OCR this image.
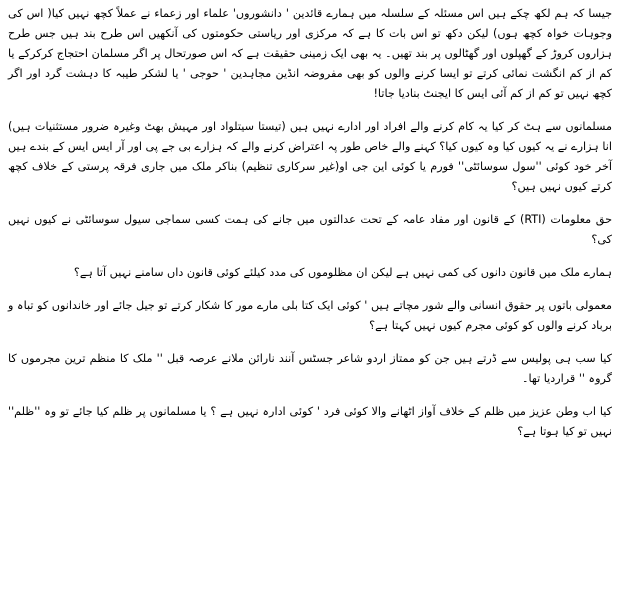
جیسا کہ ہم لکھ چکے ہیں اس مسئلہ کے سلسلہ میں ہمارے قائدین ' دانشوروں' علماء اور زعماء نے عملاً کچھ نہیں کیا( اس کی وجوہات خواہ کچھ ہوں) لیکن دکھ تو اس بات کا ہے کہ مرکزی اور ریاستی حکومتوں کی آنکھیں اس طرح بند ہیں جس طرح ہزاروں کروڑ کے گھپلوں اور گھٹالوں پر بند تھیں۔ یہ بھی ایک زمینی حقیقت ہے کہ اس صورتحال پر اگر مسلمان احتجاج کرکرکے یا کم از کم انگشت نمائی کرتے تو ایسا کرنے والوں کو بھی مفروضہ انڈین مجاہدین ' حوجی ' یا لشکر طیبہ کا دہشت گرد اور اگر کچھ نہیں تو کم از کم آئی ایس کا ایجنٹ بنادیا جاتا!

مسلمانوں سے ہٹ کر کیا یہ کام کرنے والے افراد اور ادارے نہیں ہیں (تیستا سیتلواد اور مہیش بھٹ وغیرہ ضرور مستثنیات ہیں) انا ہزارے نے یہ کیوں کیا وہ کیوں کیا؟ کہنے والے خاص طور پہ اعتراض کرنے والے کہ ہزارے بی جے پی اور آر ایس ایس کے بندے ہیں آخر خود کوئی ''سول سوسائٹی'' فورم یا کوئی این جی او(غیر سرکاری تنظیم) بناکر ملک میں جاری فرقہ پرستی کے خلاف کچھ کرتے کیوں نہیں ہیں؟

حق معلومات (RTI) کے قانون اور مفاد عامہ کے تحت عدالتوں میں جانے کی ہمت کسی سماجی سیول سوسائٹی نے کیوں نہیں کی؟

ہمارے ملک میں قانون دانوں کی کمی نہیں ہے لیکن ان مظلوموں کی مدد کیلئے کوئی قانون داں سامنے نہیں آتا ہے؟

معمولی باتوں پر حقوق انسانی والے شور مچاتے ہیں ' کوئی ایک کتا بلی مارے مور کا شکار کرتے تو جیل جائے اور خاندانوں کو تباہ و برباد کرنے والوں کو کوئی مجرم کیوں نہیں کہتا ہے؟

کیا سب ہی پولیس سے ڈرتے ہیں جن کو ممتاز اردو شاعر جسٹس آنند نارائن ملانے عرصہ قبل '' ملک کا منظم ترین مجرموں کا گروہ '' قراردیا تھا۔

کیا اب وطن عزیز میں ظلم کے خلاف آواز اٹھانے والا کوئی فرد ' کوئی ادارہ نہیں ہے ؟ یا مسلمانوں پر ظلم کیا جائے تو وہ ''ظلم'' نہیں تو کیا ہوتا ہے؟
